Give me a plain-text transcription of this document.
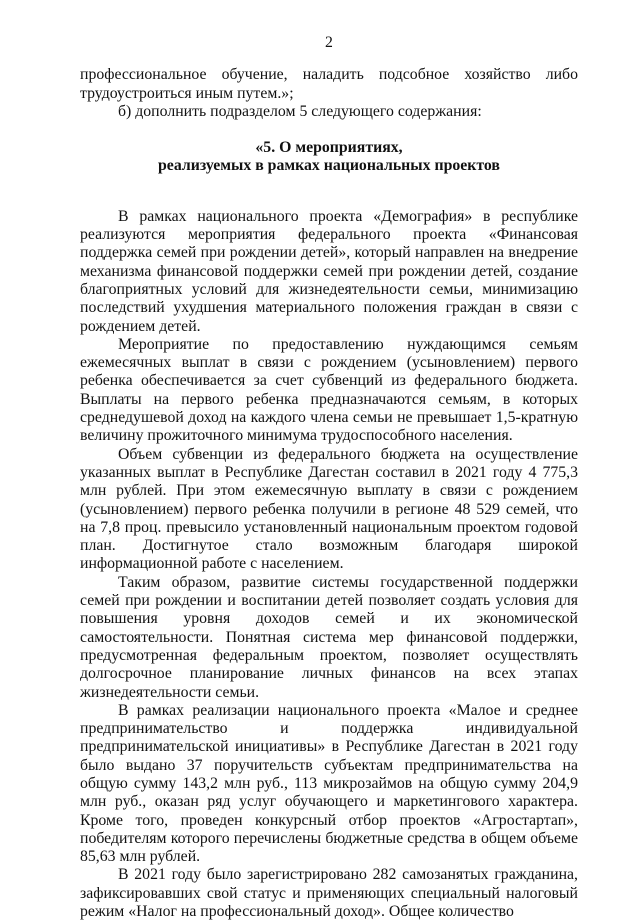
2

профессиональное обучение, наладить подсобное хозяйство либо трудоустроиться иным путем.»;

б) дополнить подразделом 5 следующего содержания:

«5. О мероприятиях,
реализуемых в рамках национальных проектов

В рамках национального проекта «Демография» в республике реализуются мероприятия федерального проекта «Финансовая поддержка семей при рождении детей», который направлен на внедрение механизма финансовой поддержки семей при рождении детей, создание благоприятных условий для жизнедеятельности семьи, минимизацию последствий ухудшения материального положения граждан в связи с рождением детей.

Мероприятие по предоставлению нуждающимся семьям ежемесячных выплат в связи с рождением (усыновлением) первого ребенка обеспечивается за счет субвенций из федерального бюджета. Выплаты на первого ребенка предназначаются семьям, в которых среднедушевой доход на каждого члена семьи не превышает 1,5-кратную величину прожиточного минимума трудоспособного населения.

Объем субвенции из федерального бюджета на осуществление указанных выплат в Республике Дагестан составил в 2021 году 4 775,3 млн рублей. При этом ежемесячную выплату в связи с рождением (усыновлением) первого ребенка получили в регионе 48 529 семей, что на 7,8 проц. превысило установленный национальным проектом годовой план. Достигнутое стало возможным благодаря широкой информационной работе с населением.

Таким образом, развитие системы государственной поддержки семей при рождении и воспитании детей позволяет создать условия для повышения уровня доходов семей и их экономической самостоятельности. Понятная система мер финансовой поддержки, предусмотренная федеральным проектом, позволяет осуществлять долгосрочное планирование личных финансов на всех этапах жизнедеятельности семьи.

В рамках реализации национального проекта «Малое и среднее предпринимательство и поддержка индивидуальной предпринимательской инициативы» в Республике Дагестан в 2021 году было выдано 37 поручительств субъектам предпринимательства на общую сумму 143,2 млн руб., 113 микрозаймов на общую сумму 204,9 млн руб., оказан ряд услуг обучающего и маркетингового характера. Кроме того, проведен конкурсный отбор проектов «Агростартап», победителям которого перечислены бюджетные средства в общем объеме 85,63 млн рублей.

В 2021 году было зарегистрировано 282 самозанятых гражданина, зафиксировавших свой статус и применяющих специальный налоговый режим «Налог на профессиональный доход». Общее количество
